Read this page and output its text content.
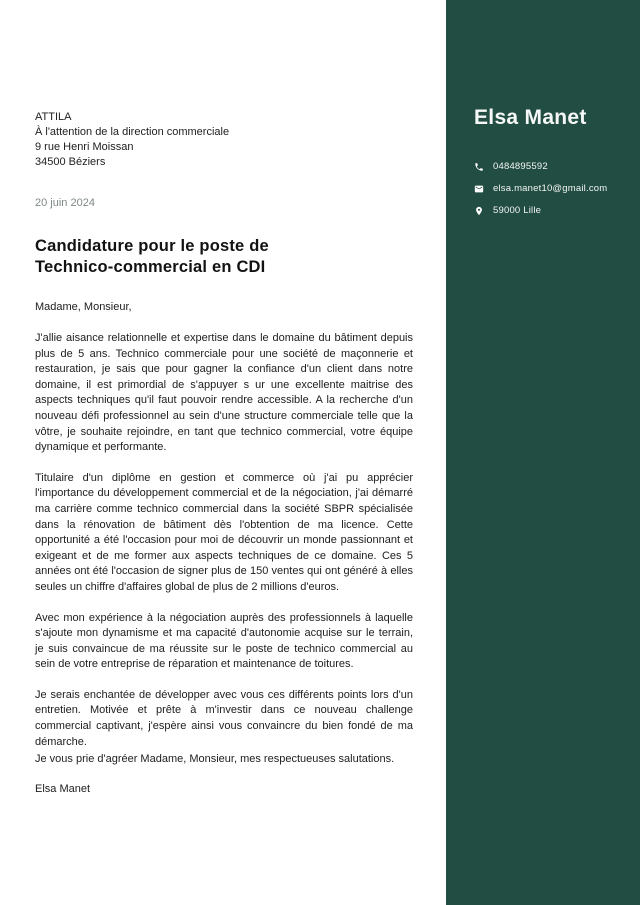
ATTILA
À l'attention de la direction commerciale
9 rue Henri Moissan
34500 Béziers
20 juin 2024
Candidature pour le poste de
Technico-commercial en CDI
Madame, Monsieur,

J'allie aisance relationnelle et expertise dans le domaine du bâtiment depuis plus de 5 ans. Technico commerciale pour une société de maçonnerie et restauration, je sais que pour gagner la confiance d'un client dans notre domaine, il est primordial de s'appuyer s ur une excellente maitrise des aspects techniques qu'il faut pouvoir rendre accessible. A la recherche d'un nouveau défi professionnel au sein d'une structure commerciale telle que la vôtre, je souhaite rejoindre, en tant que technico commercial, votre équipe dynamique et performante.

Titulaire d'un diplôme en gestion et commerce où j'ai pu apprécier l'importance du développement commercial et de la négociation, j'ai démarré ma carrière comme technico commercial dans la société SBPR spécialisée dans la rénovation de bâtiment dès l'obtention de ma licence. Cette opportunité a été l'occasion pour moi de découvrir un monde passionnant et exigeant et de me former aux aspects techniques de ce domaine. Ces 5 années ont été l'occasion de signer plus de 150 ventes qui ont généré à elles seules un chiffre d'affaires global de plus de 2 millions d'euros.

Avec mon expérience à la négociation auprès des professionnels à laquelle s'ajoute mon dynamisme et ma capacité d'autonomie acquise sur le terrain, je suis convaincue de ma réussite sur le poste de technico commercial au sein de votre entreprise de réparation et maintenance de toitures.

Je serais enchantée de développer avec vous ces différents points lors d'un entretien. Motivée et prête à m'investir dans ce nouveau challenge commercial captivant, j'espère ainsi vous convaincre du bien fondé de ma démarche.

Je vous prie d'agréer Madame, Monsieur, mes respectueuses salutations.

Elsa Manet
Elsa Manet
0484895592
elsa.manet10@gmail.com
59000 Lille
